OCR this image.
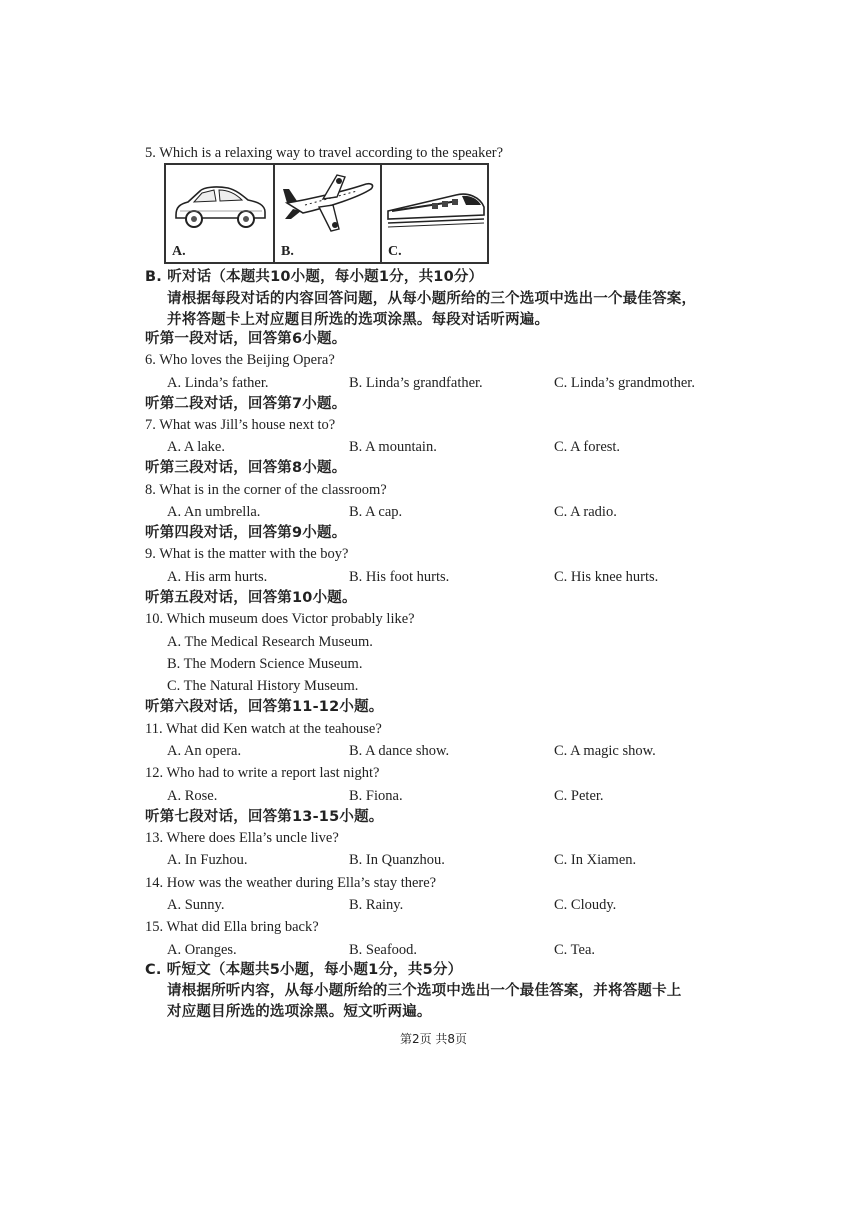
5. Which is a relaxing way to travel according to the speaker?
A.	B.	C.
B. 听对话（本题共10小题，每小题1分，共10分）
请根据每段对话的内容回答问题，从每小题所给的三个选项中选出一个最佳答案，
并将答题卡上对应题目所选的选项涂黑。每段对话听两遍。
听第一段对话，回答第6小题。
6. Who loves the Beijing Opera?
A. Linda’s father.	B. Linda’s grandfather.	C. Linda’s grandmother.
听第二段对话，回答第7小题。
7. What was Jill’s house next to?
A. A lake.	B. A mountain.	C. A forest.
听第三段对话，回答第8小题。
8. What is in the corner of the classroom?
A. An umbrella.	B. A cap.	C. A radio.
听第四段对话，回答第9小题。
9. What is the matter with the boy?
A. His arm hurts.	B. His foot hurts.	C. His knee hurts.
听第五段对话，回答第10小题。
10. Which museum does Victor probably like?
A. The Medical Research Museum.
B. The Modern Science Museum.
C. The Natural History Museum.
听第六段对话，回答第11-12小题。
11. What did Ken watch at the teahouse?
A. An opera.	B. A dance show.	C. A magic show.
12. Who had to write a report last night?
A. Rose.	B. Fiona.	C. Peter.
听第七段对话，回答第13-15小题。
13. Where does Ella’s uncle live?
A. In Fuzhou.	B. In Quanzhou.	C. In Xiamen.
14. How was the weather during Ella’s stay there?
A. Sunny.	B. Rainy.	C. Cloudy.
15. What did Ella bring back?
A. Oranges.	B. Seafood.	C. Tea.
C. 听短文（本题共5小题，每小题1分，共5分）
请根据所听内容，从每小题所给的三个选项中选出一个最佳答案，并将答题卡上
对应题目所选的选项涂黑。短文听两遍。
第2页 共8页
